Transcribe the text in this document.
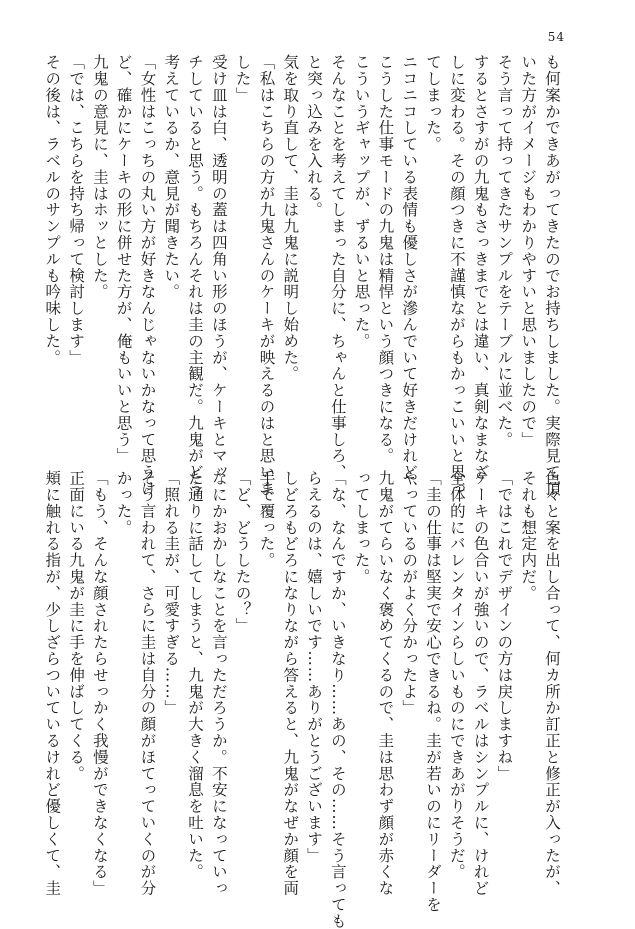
54

も何案かできあがってきたのでお持ちしました。実際見て頂

いた方がイメージもわかりやすいと思いましたので」

そう言って持ってきたサンプルをテーブルに並べた。

するとさすがの九鬼もさっきまでとは違い、真剣なまなざ

しに変わる。その顔つきに不謹慎ながらもかっこいいと思っ

てしまった。

ニコニコしている表情も優しさが滲んでいて好きだけれど、

こうした仕事モードの九鬼は精悍という顔つきになる。

こういうギャップが、ずるいと思った。

そんなことを考えてしまった自分に、ちゃんと仕事しろ、

と突っ込みを入れる。

気を取り直して、圭は九鬼に説明し始めた。

「私はこちらの方が九鬼さんのケーキが映えるのはと思いま

した」

受け皿は白、透明の蓋は四角い形のほうが、ケーキとマッ

チしていると思う。もちろんそれは圭の主観だ。九鬼がどう

考えているか、意見が聞きたい。

「女性はこっちの丸い方が好きなんじゃないかなって思うけ

ど、確かにケーキの形に併せた方が、俺もいいと思う」

九鬼の意見に、圭はホッとした。

「では、こちらを持ち帰って検討します」

その後は、ラベルのサンプルも吟味した。

色々と案を出し合って、何カ所か訂正と修正が入ったが、

それも想定内だ。

「ではこれでデザインの方は戻しますね」

ケーキの色合いが強いので、ラベルはシンプルに、けれど

全体的にバレンタインらしいものにできあがりそうだ。

「圭の仕事は堅実で安心できるね。圭が若いのにリーダーを

やっているのがよく分かったよ」

九鬼がてらいなく褒めてくるので、圭は思わず顔が赤くな

ってしまった。

「な、なんですか、いきなり……あの、その……そう言っても

らえるのは、嬉しいです……ありがとうございます」

しどろもどろになりながら答えると、九鬼がなぜか顔を両

手で覆った。

「ど、どうしたの？」

なにかおかしなことを言っただろうか。不安になっていっ

た通りに話してしまうと、九鬼が大きく溜息を吐いた。

「照れる圭が、可愛すぎる……」

そう言われて、さらに圭は自分の顔がほてっていくのが分

かった。

「もう、そんな顔されたらせっかく我慢ができなくなる」

正面にいる九鬼が圭に手を伸ばしてくる。

頬に触れる指が、少しざらついているけれど優しくて、圭
